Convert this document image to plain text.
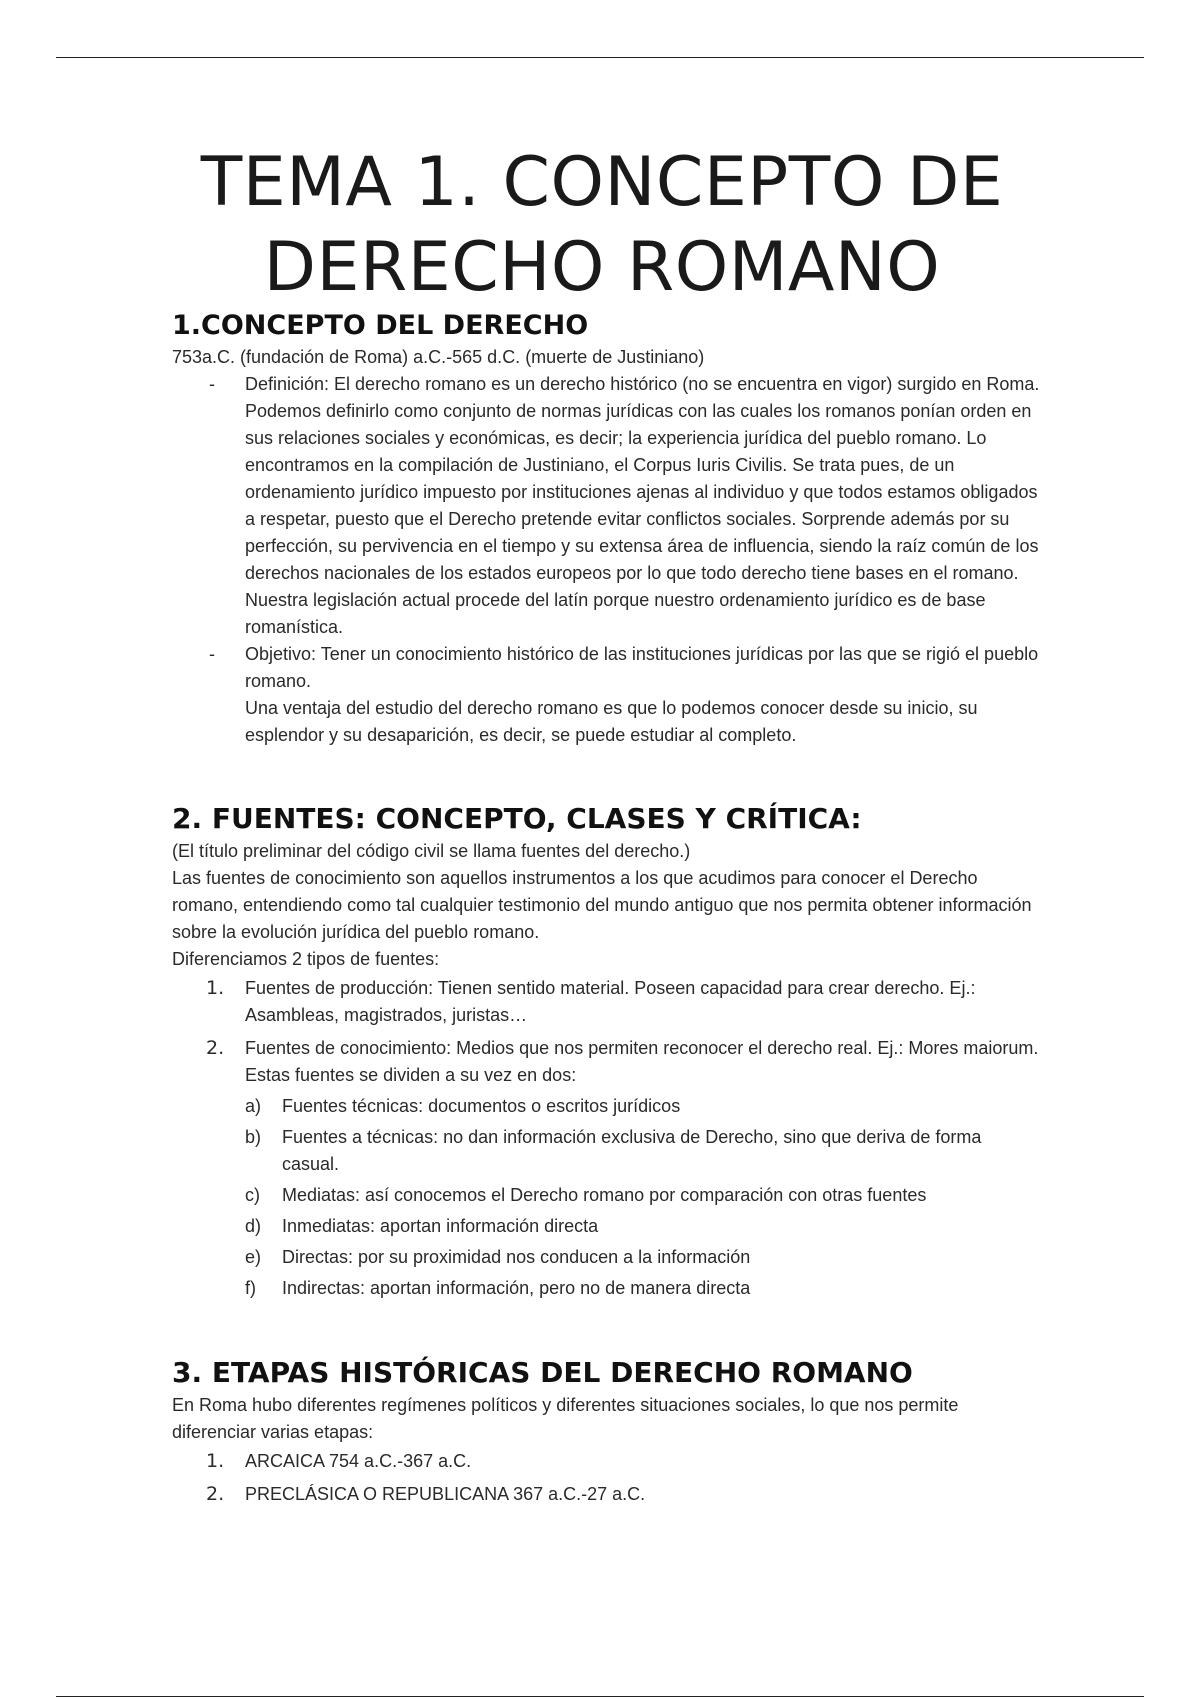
TEMA 1. CONCEPTO DE
DERECHO ROMANO
1.CONCEPTO DEL DERECHO

753a.C. (fundación de Roma) a.C.-565 d.C. (muerte de Justiniano)

- Definición: El derecho romano es un derecho histórico (no se encuentra en vigor) surgido en Roma. Podemos definirlo como conjunto de normas jurídicas con las cuales los romanos ponían orden en sus relaciones sociales y económicas, es decir; la experiencia jurídica del pueblo romano. Lo encontramos en la compilación de Justiniano, el Corpus Iuris Civilis. Se trata pues, de un ordenamiento jurídico impuesto por instituciones ajenas al individuo y que todos estamos obligados a respetar, puesto que el Derecho pretende evitar conflictos sociales. Sorprende además por su perfección, su pervivencia en el tiempo y su extensa área de influencia, siendo la raíz común de los derechos nacionales de los estados europeos por lo que todo derecho tiene bases en el romano.

Nuestra legislación actual procede del latín porque nuestro ordenamiento jurídico es de base romanística.

- Objetivo: Tener un conocimiento histórico de las instituciones jurídicas por las que se rigió el pueblo romano.

Una ventaja del estudio del derecho romano es que lo podemos conocer desde su inicio, su esplendor y su desaparición, es decir, se puede estudiar al completo.

2. FUENTES: CONCEPTO, CLASES Y CRÍTICA:

(El título preliminar del código civil se llama fuentes del derecho.)

Las fuentes de conocimiento son aquellos instrumentos a los que acudimos para conocer el Derecho romano, entendiendo como tal cualquier testimonio del mundo antiguo que nos permita obtener información sobre la evolución jurídica del pueblo romano.

Diferenciamos 2 tipos de fuentes:

1. Fuentes de producción: Tienen sentido material. Poseen capacidad para crear derecho. Ej.: Asambleas, magistrados, juristas…

2. Fuentes de conocimiento: Medios que nos permiten reconocer el derecho real. Ej.: Mores maiorum. Estas fuentes se dividen a su vez en dos:

a) Fuentes técnicas: documentos o escritos jurídicos
b) Fuentes a técnicas: no dan información exclusiva de Derecho, sino que deriva de forma casual.
c) Mediatas: así conocemos el Derecho romano por comparación con otras fuentes
d) Inmediatas: aportan información directa
e) Directas: por su proximidad nos conducen a la información
f) Indirectas: aportan información, pero no de manera directa
3. ETAPAS HISTÓRICAS DEL DERECHO ROMANO

En Roma hubo diferentes regímenes políticos y diferentes situaciones sociales, lo que nos permite diferenciar varias etapas:

1. ARCAICA 754 a.C.-367 a.C.

2. PRECLÁSICA O REPUBLICANA 367 a.C.-27 a.C.
